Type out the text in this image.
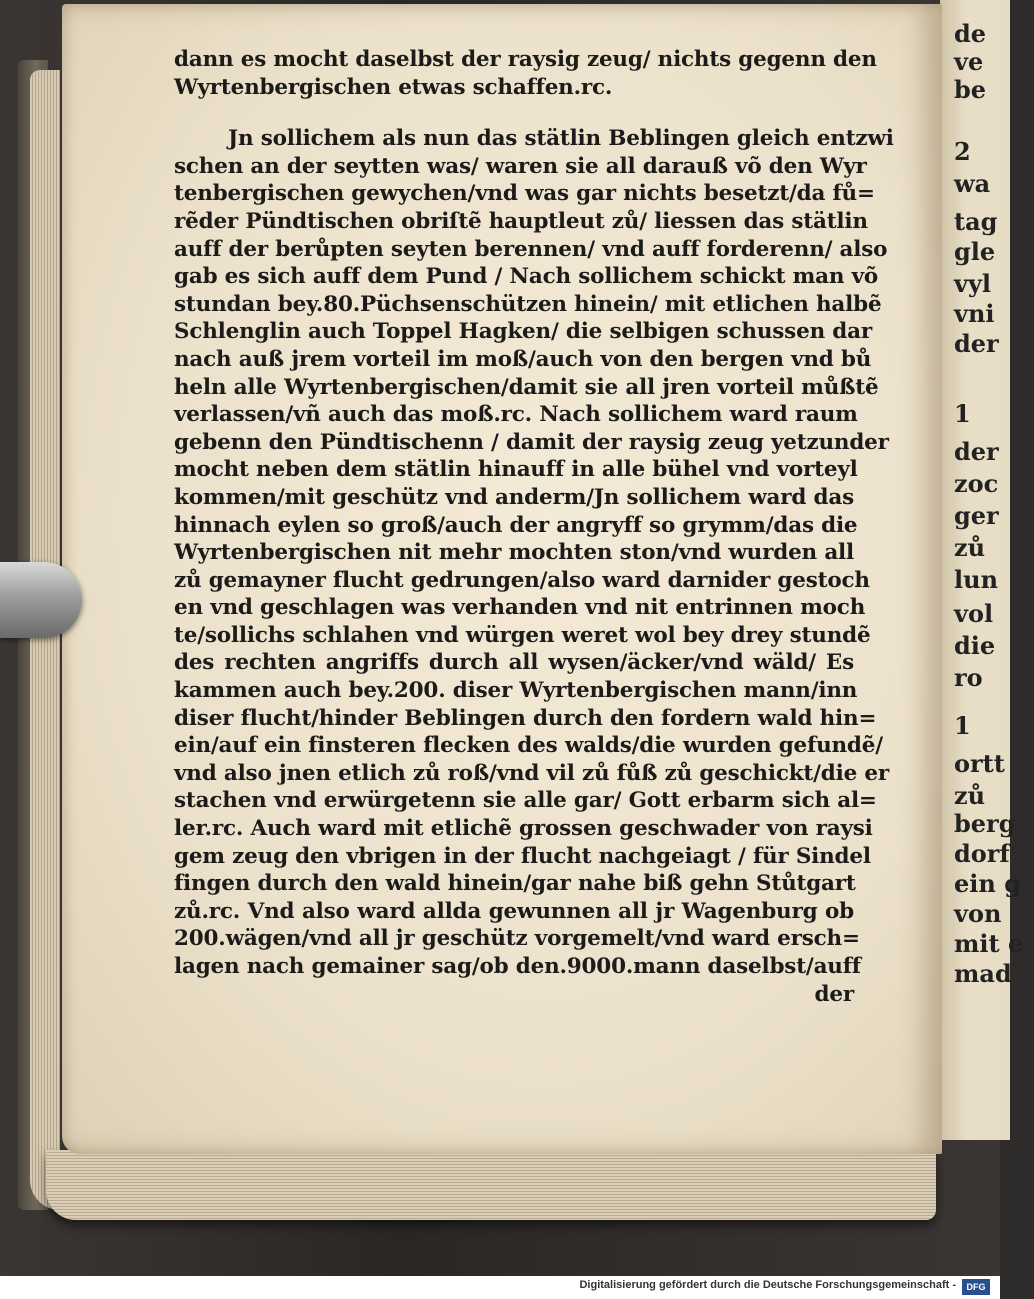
de
ve
be
2
wa
tag
gle
vyl
vni
der
1
der
zoc
ger
zů
lun
vol
die
ro
1
ortt
zů
berg
dorf
ein g
von
mit e
mad
dann es mocht daselbst der raysig zeug/ nichts gegenn den
Wyrtenbergischen etwas schaffen.rc.
Jn sollichem als nun das stätlin Beblingen gleich entzwi
schen an der seytten was/ waren sie all darauß võ den Wyr
tenbergischen gewychen/vnd was gar nichts besetzt/da fů=
rẽder Pündtischen obriſtẽ hauptleut zů/ liessen das stätlin
auff der berůpten seyten berennen/ vnd auff forderenn/ also
gab es sich auff dem Pund / Nach sollichem schickt man võ
stundan bey.80.Püchsenschützen hinein/ mit etlichen halbẽ
Schlenglin auch Toppel Hagken/ die selbigen schussen dar
nach auß jrem vorteil im moß/auch von den bergen vnd bů
heln alle Wyrtenbergischen/damit sie all jren vorteil můßtẽ
verlassen/vñ auch das moß.rc. Nach sollichem ward raum
gebenn den Pündtischenn / damit der raysig zeug yetzunder
mocht neben dem stätlin hinauff in alle bühel vnd vorteyl
kommen/mit geschütz vnd anderm/Jn sollichem ward das
hinnach eylen so groß/auch der angryff so grymm/das die
Wyrtenbergischen nit mehr mochten ston/vnd wurden all
zů gemayner flucht gedrungen/also ward darnider gestoch
en vnd geschlagen was verhanden vnd nit entrinnen moch
te/sollichs schlahen vnd würgen weret wol bey drey stundẽ
des rechten angriffs durch all wysen/äcker/vnd wäld/ Es
kammen auch bey.200. diser Wyrtenbergischen mann/inn
diser flucht/hinder Beblingen durch den fordern wald hin=
ein/auf ein finsteren flecken des walds/die wurden gefundẽ/
vnd also jnen etlich zů roß/vnd vil zů fůß zů geschickt/die er
stachen vnd erwürgetenn sie alle gar/ Gott erbarm sich al=
ler.rc. Auch ward mit etlichẽ grossen geschwader von raysi
gem zeug den vbrigen in der flucht nachgeiagt / für Sindel
fingen durch den wald hinein/gar nahe biß gehn Stůtgart
zů.rc. Vnd also ward allda gewunnen all jr Wagenburg ob
200.wägen/vnd all jr geschütz vorgemelt/vnd ward ersch=
lagen nach gemainer sag/ob den.9000.mann daselbst/auff
der
Digitalisierung gefördert durch die Deutsche Forschungsgemeinschaft -	DFG
